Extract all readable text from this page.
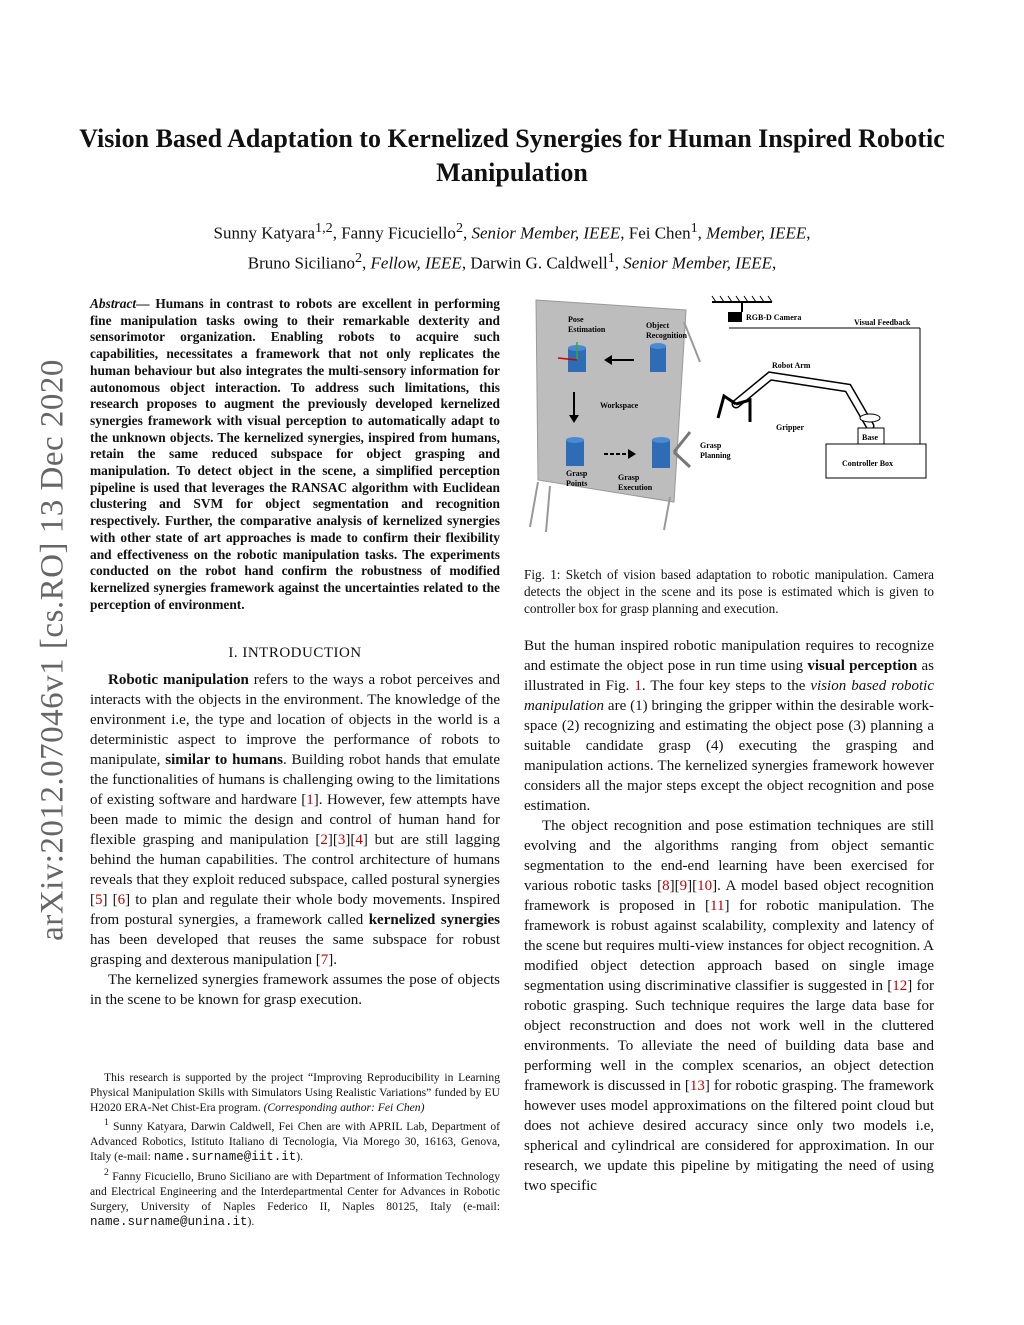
Vision Based Adaptation to Kernelized Synergies for Human Inspired Robotic Manipulation
Sunny Katyara$^{1,2}$, Fanny Ficuciello$^2$, Senior Member, IEEE, Fei Chen$^1$, Member, IEEE,
Bruno Siciliano$^2$, Fellow, IEEE, Darwin G. Caldwell$^1$, Senior Member, IEEE,
arXiv:2012.07046v1 [cs.RO] 13 Dec 2020
Abstract— Humans in contrast to robots are excellent in performing fine manipulation tasks owing to their remarkable dexterity and sensorimotor organization. Enabling robots to acquire such capabilities, necessitates a framework that not only replicates the human behaviour but also integrates the multi-sensory information for autonomous object interaction. To address such limitations, this research proposes to augment the previously developed kernelized synergies framework with visual perception to automatically adapt to the unknown objects. The kernelized synergies, inspired from humans, retain the same reduced subspace for object grasping and manipulation. To detect object in the scene, a simplified perception pipeline is used that leverages the RANSAC algorithm with Euclidean clustering and SVM for object segmentation and recognition respectively. Further, the comparative analysis of kernelized synergies with other state of art approaches is made to confirm their flexibility and effectiveness on the robotic manipulation tasks. The experiments conducted on the robot hand confirm the robustness of modified kernelized synergies framework against the uncertainties related to the perception of environment.
I. INTRODUCTION

Robotic manipulation refers to the ways a robot perceives and interacts with the objects in the environment. The knowledge of the environment i.e, the type and location of objects in the world is a deterministic aspect to improve the performance of robots to manipulate, similar to humans. Building robot hands that emulate the functionalities of humans is challenging owing to the limitations of existing software and hardware [1]. However, few attempts have been made to mimic the design and control of human hand for flexible grasping and manipulation [2][3][4] but are still lagging behind the human capabilities. The control architecture of humans reveals that they exploit reduced subspace, called postural synergies [5] [6] to plan and regulate their whole body movements. Inspired from postural synergies, a framework called kernelized synergies has been developed that reuses the same subspace for robust grasping and dexterous manipulation [7].

The kernelized synergies framework assumes the pose of objects in the scene to be known for grasp execution.

This research is supported by the project “Improving Reproducibility in Learning Physical Manipulation Skills with Simulators Using Realistic Variations” funded by EU H2020 ERA-Net Chist-Era program. (Corresponding author: Fei Chen)

$^1$ Sunny Katyara, Darwin Caldwell, Fei Chen are with APRIL Lab, Department of Advanced Robotics, Istituto Italiano di Tecnologia, Via Morego 30, 16163, Genova, Italy (e-mail: name.surname@iit.it).

$^2$ Fanny Ficuciello, Bruno Siciliano are with Department of Information Technology and Electrical Engineering and the Interdepartmental Center for Advances in Robotic Surgery, University of Naples Federico II, Naples 80125, Italy (e-mail: name.surname@unina.it).

Pose
Estimation	Object
Recognition
Workspace
Grasp
Points
Grasp
Execution
Grasp
Planning
RGB-D Camera
Visual Feedback
Robot Arm
Gripper
Base
Controller Box
Fig. 1: Sketch of vision based adaptation to robotic manipulation. Camera detects the object in the scene and its pose is estimated which is given to controller box for grasp planning and execution.

But the human inspired robotic manipulation requires to recognize and estimate the object pose in run time using visual perception as illustrated in Fig. 1. The four key steps to the vision based robotic manipulation are (1) bringing the gripper within the desirable work-space (2) recognizing and estimating the object pose (3) planning a suitable candidate grasp (4) executing the grasping and manipulation actions. The kernelized synergies framework however considers all the major steps except the object recognition and pose estimation.

The object recognition and pose estimation techniques are still evolving and the algorithms ranging from object semantic segmentation to the end-end learning have been exercised for various robotic tasks [8][9][10]. A model based object recognition framework is proposed in [11] for robotic manipulation. The framework is robust against scalability, complexity and latency of the scene but requires multi-view instances for object recognition. A modified object detection approach based on single image segmentation using discriminative classifier is suggested in [12] for robotic grasping. Such technique requires the large data base for object reconstruction and does not work well in the cluttered environments. To alleviate the need of building data base and performing well in the complex scenarios, an object detection framework is discussed in [13] for robotic grasping. The framework however uses model approximations on the filtered point cloud but does not achieve desired accuracy since only two models i.e, spherical and cylindrical are considered for approximation. In our research, we update this pipeline by mitigating the need of using two specific
